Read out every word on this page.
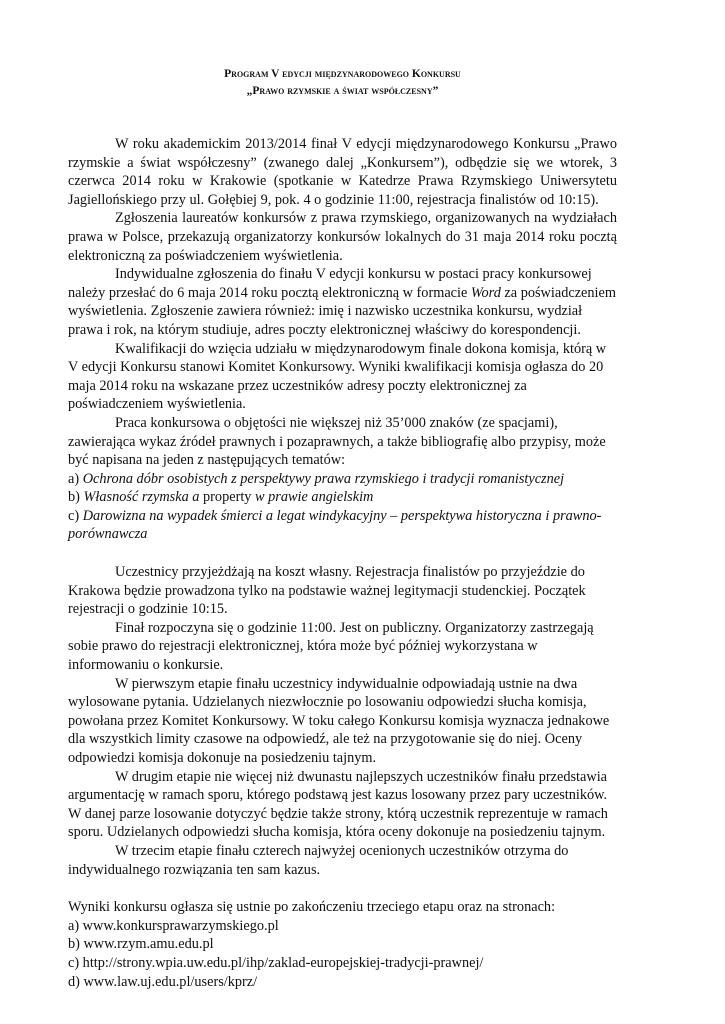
Program V edycji międzynarodowego Konkursu

„Prawo rzymskie a świat współczesny”

W roku akademickim 2013/2014 finał V edycji międzynarodowego Konkursu „Prawo rzymskie a świat współczesny” (zwanego dalej „Konkursem”), odbędzie się we wtorek, 3 czerwca 2014 roku w Krakowie (spotkanie w Katedrze Prawa Rzymskiego Uniwersytetu Jagiellońskiego przy ul. Gołębiej 9, pok. 4 o godzinie 11:00, rejestracja finalistów od 10:15).

Zgłoszenia laureatów konkursów z prawa rzymskiego, organizowanych na wydziałach prawa w Polsce, przekazują organizatorzy konkursów lokalnych do 31 maja 2014 roku pocztą elektroniczną za poświadczeniem wyświetlenia.

Indywidualne zgłoszenia do finału V edycji konkursu w postaci pracy konkursowej należy przesłać do 6 maja 2014 roku pocztą elektroniczną w formacie Word za poświadczeniem wyświetlenia. Zgłoszenie zawiera również: imię i nazwisko uczestnika konkursu, wydział prawa i rok, na którym studiuje, adres poczty elektronicznej właściwy do korespondencji.

Kwalifikacji do wzięcia udziału w międzynarodowym finale dokona komisja, którą w V edycji Konkursu stanowi Komitet Konkursowy. Wyniki kwalifikacji komisja ogłasza do 20 maja 2014 roku na wskazane przez uczestników adresy poczty elektronicznej za poświadczeniem wyświetlenia.

Praca konkursowa o objętości nie większej niż 35’000 znaków (ze spacjami), zawierająca wykaz źródeł prawnych i pozaprawnych, a także bibliografię albo przypisy, może być napisana na jeden z następujących tematów:

a) Ochrona dóbr osobistych z perspektywy prawa rzymskiego i tradycji romanistycznej

b) Własność rzymska a property w prawie angielskim

c) Darowizna na wypadek śmierci a legat windykacyjny – perspektywa historyczna i prawno-porównawcza

Uczestnicy przyjeżdżają na koszt własny. Rejestracja finalistów po przyjeździe do Krakowa będzie prowadzona tylko na podstawie ważnej legitymacji studenckiej. Początek rejestracji o godzinie 10:15.

Finał rozpoczyna się o godzinie 11:00. Jest on publiczny. Organizatorzy zastrzegają sobie prawo do rejestracji elektronicznej, która może być później wykorzystana w informowaniu o konkursie.

W pierwszym etapie finału uczestnicy indywidualnie odpowiadają ustnie na dwa wylosowane pytania. Udzielanych niezwłocznie po losowaniu odpowiedzi słucha komisja, powołana przez Komitet Konkursowy. W toku całego Konkursu komisja wyznacza jednakowe dla wszystkich limity czasowe na odpowiedź, ale też na przygotowanie się do niej. Oceny odpowiedzi komisja dokonuje na posiedzeniu tajnym.

W drugim etapie nie więcej niż dwunastu najlepszych uczestników finału przedstawia argumentację w ramach sporu, którego podstawą jest kazus losowany przez pary uczestników. W danej parze losowanie dotyczyć będzie także strony, którą uczestnik reprezentuje w ramach sporu. Udzielanych odpowiedzi słucha komisja, która oceny dokonuje na posiedzeniu tajnym.

W trzecim etapie finału czterech najwyżej ocenionych uczestników otrzyma do indywidualnego rozwiązania ten sam kazus.

Wyniki konkursu ogłasza się ustnie po zakończeniu trzeciego etapu oraz na stronach:

a) www.konkursprawarzymskiego.pl

b) www.rzym.amu.edu.pl

c) http://strony.wpia.uw.edu.pl/ihp/zaklad-europejskiej-tradycji-prawnej/

d) www.law.uj.edu.pl/users/kprz/
